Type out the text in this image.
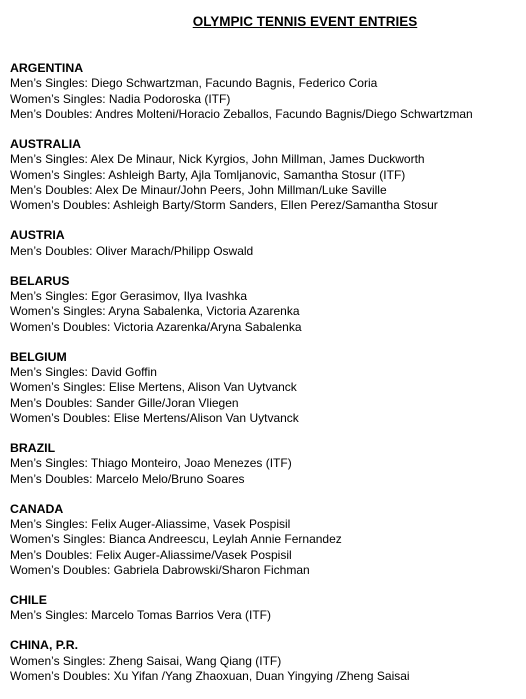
OLYMPIC TENNIS EVENT ENTRIES
ARGENTINA
Men’s Singles: Diego Schwartzman, Facundo Bagnis, Federico Coria
Women’s Singles: Nadia Podoroska (ITF)
Men’s Doubles: Andres Molteni/Horacio Zeballos, Facundo Bagnis/Diego Schwartzman
AUSTRALIA
Men’s Singles: Alex De Minaur, Nick Kyrgios, John Millman, James Duckworth
Women’s Singles: Ashleigh Barty, Ajla Tomljanovic, Samantha Stosur (ITF)
Men’s Doubles: Alex De Minaur/John Peers, John Millman/Luke Saville
Women’s Doubles: Ashleigh Barty/Storm Sanders, Ellen Perez/Samantha Stosur
AUSTRIA
Men’s Doubles: Oliver Marach/Philipp Oswald
BELARUS
Men’s Singles: Egor Gerasimov, Ilya Ivashka
Women’s Singles: Aryna Sabalenka, Victoria Azarenka
Women’s Doubles: Victoria Azarenka/Aryna Sabalenka
BELGIUM
Men’s Singles: David Goffin
Women’s Singles: Elise Mertens, Alison Van Uytvanck
Men’s Doubles: Sander Gille/Joran Vliegen
Women’s Doubles: Elise Mertens/Alison Van Uytvanck
BRAZIL
Men’s Singles: Thiago Monteiro, Joao Menezes (ITF)
Men’s Doubles: Marcelo Melo/Bruno Soares
CANADA
Men’s Singles: Felix Auger-Aliassime, Vasek Pospisil
Women’s Singles: Bianca Andreescu, Leylah Annie Fernandez
Men’s Doubles: Felix Auger-Aliassime/Vasek Pospisil
Women’s Doubles: Gabriela Dabrowski/Sharon Fichman
CHILE
Men’s Singles: Marcelo Tomas Barrios Vera (ITF)
CHINA, P.R.
Women’s Singles: Zheng Saisai, Wang Qiang (ITF)
Women’s Doubles: Xu Yifan /Yang Zhaoxuan, Duan Yingying /Zheng Saisai
